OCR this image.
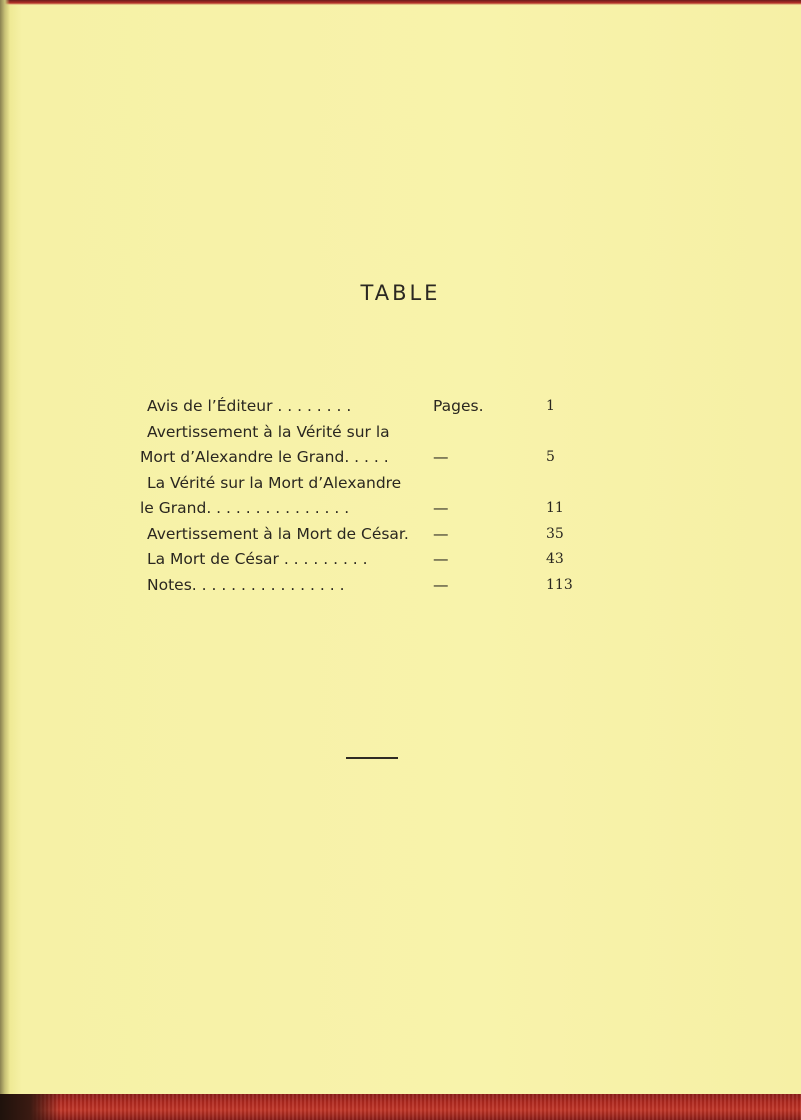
TABLE
Avis de l’Éditeur . . . . . . . .	Pages.	1
Avertissement à la Vérité sur la
Mort d’Alexandre le Grand. . . . .	—	5
La Vérité sur la Mort d’Alexandre
le Grand. . . . . . . . . . . . . . .	—	11
Avertissement à la Mort de César. —	35
La Mort de César . . . . . . . . .	—	43
Notes. . . . . . . . . . . . . . . .	—	113
